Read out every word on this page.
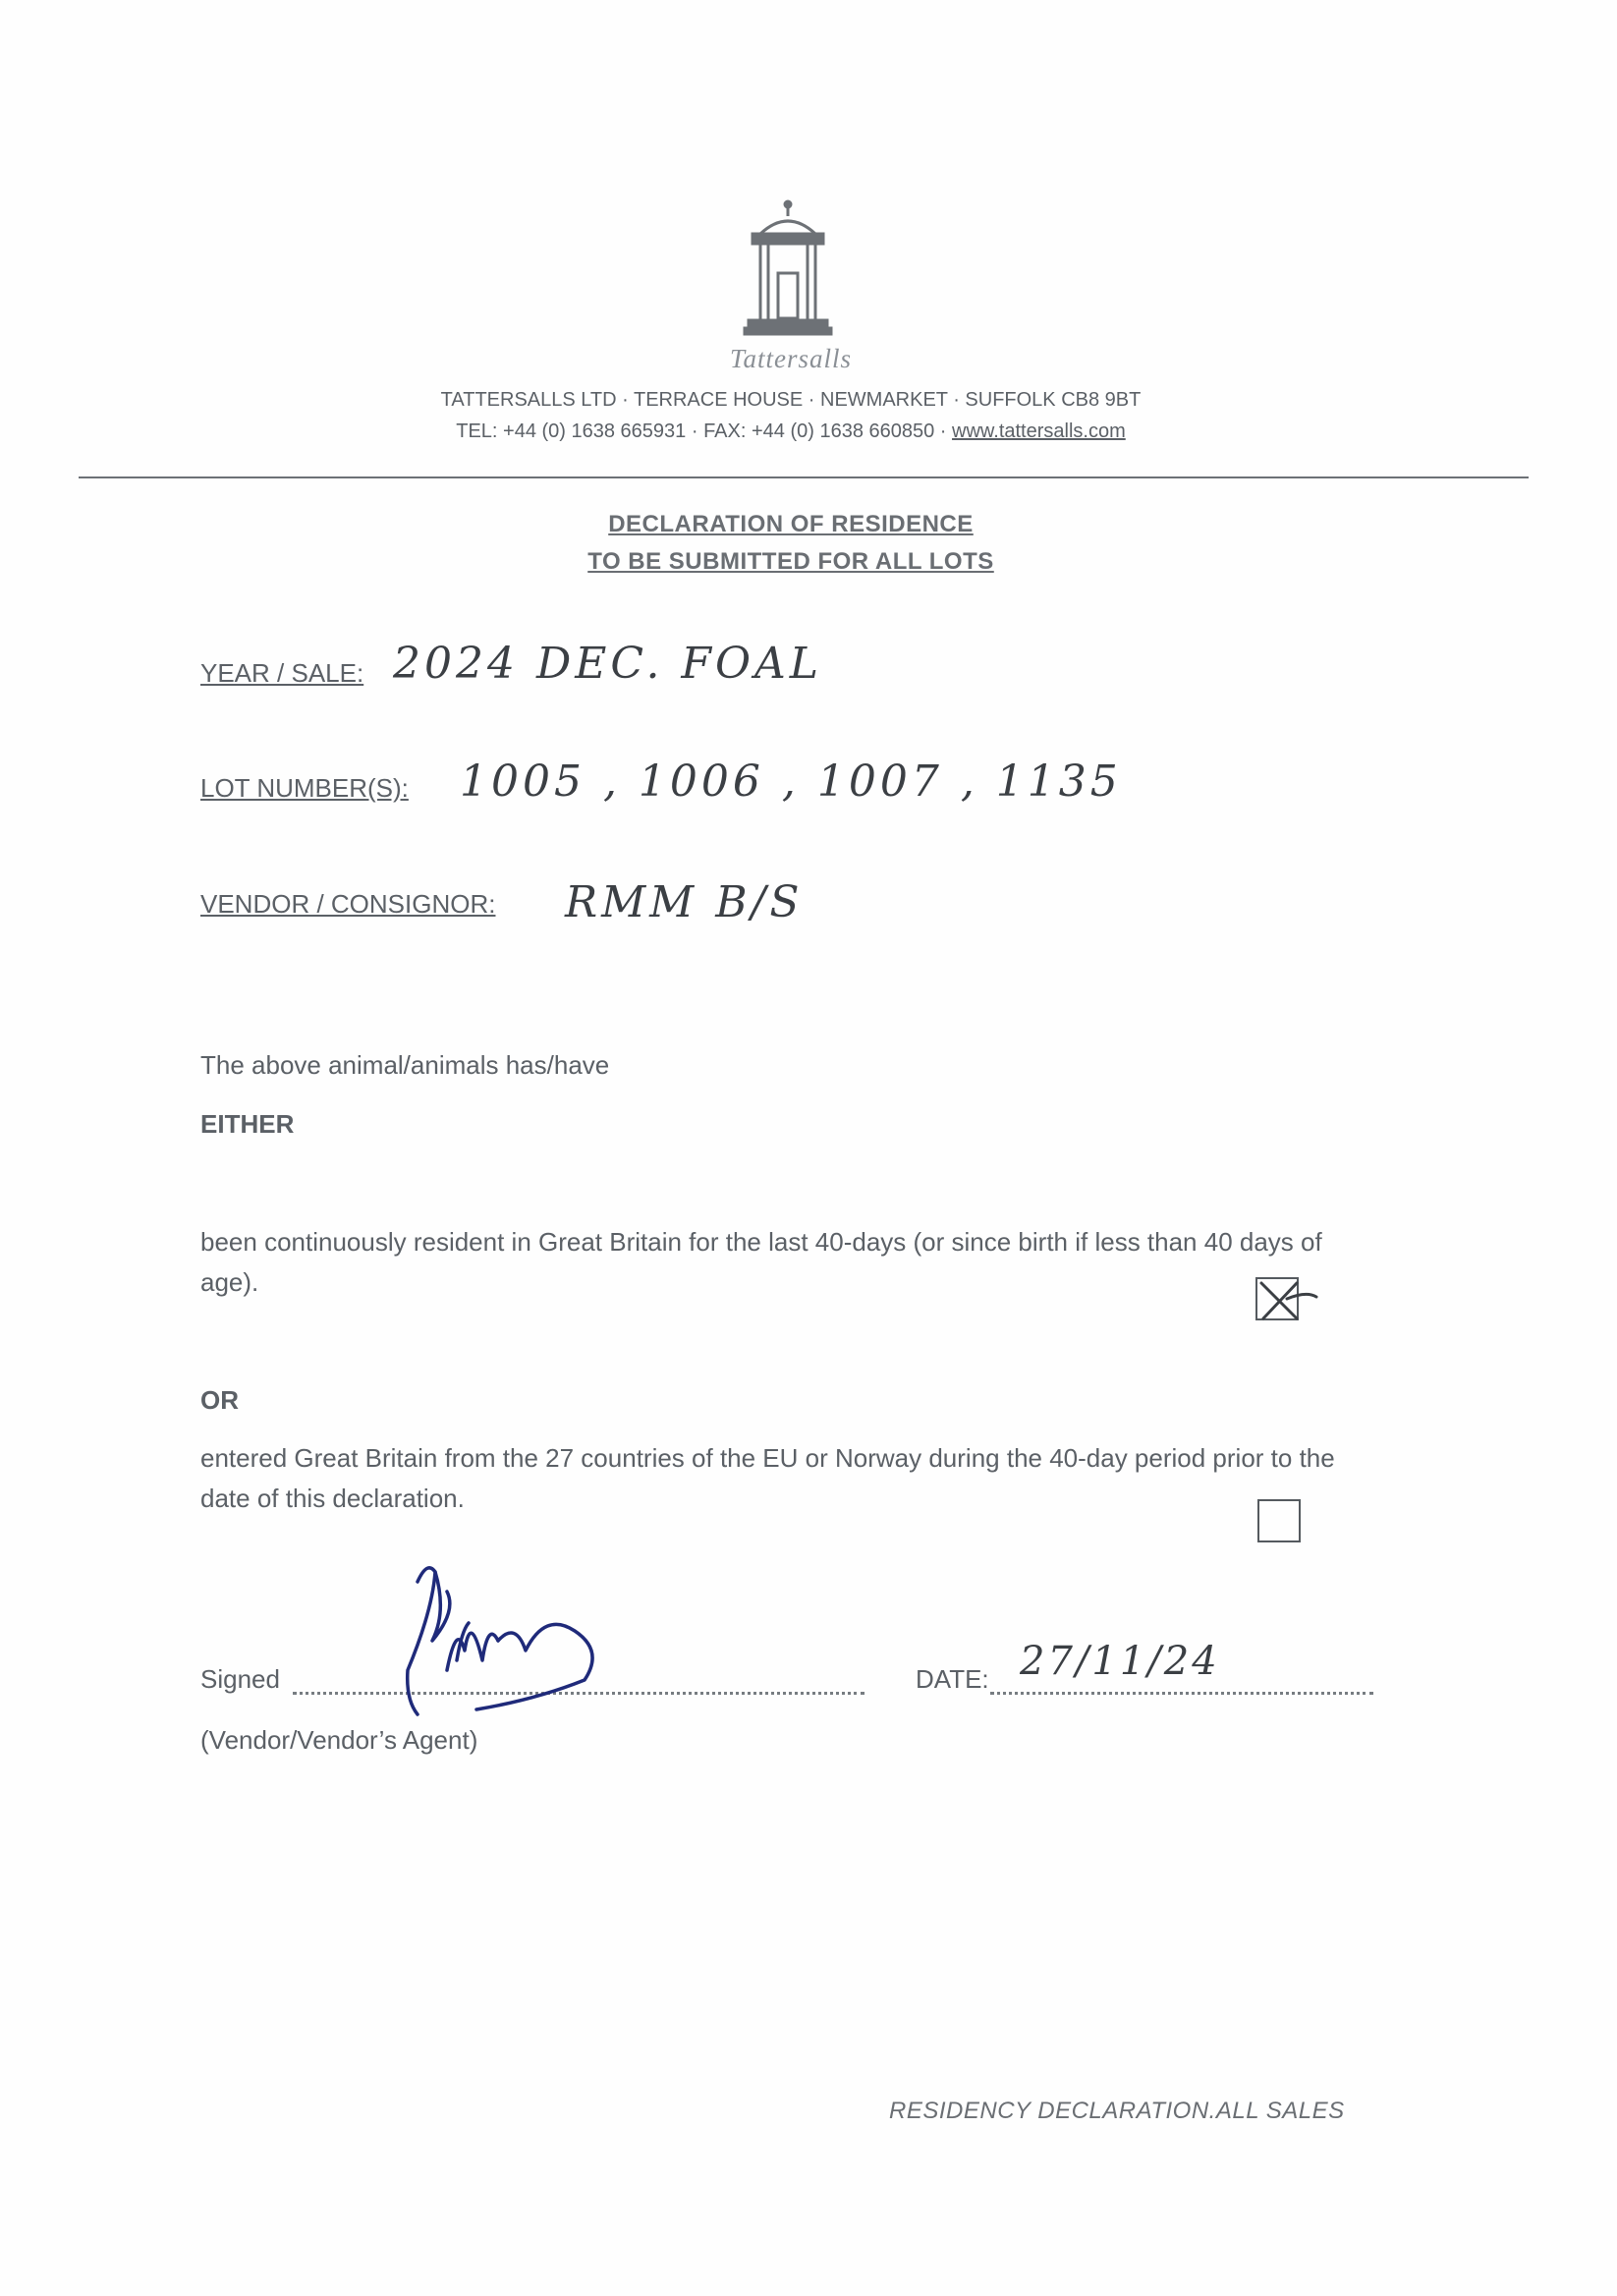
Tattersalls
TATTERSALLS LTD · TERRACE HOUSE · NEWMARKET · SUFFOLK CB8 9BT
TEL: +44 (0) 1638 665931 · FAX: +44 (0) 1638 660850 · www.tattersalls.com
DECLARATION OF RESIDENCE
TO BE SUBMITTED FOR ALL LOTS
YEAR / SALE: 2024 DEC. FOAL
LOT NUMBER(S): 1005 , 1006 , 1007 , 1135
VENDOR / CONSIGNOR: RMM B/S
The above animal/animals has/have
EITHER
been continuously resident in Great Britain for the last 40-days (or since birth if less than 40 days of age).
OR
entered Great Britain from the 27 countries of the EU or Norway during the 40-day period prior to the date of this declaration.
Signed	DATE: 27/11/24
(Vendor/Vendor’s Agent)
RESIDENCY DECLARATION.ALL SALES
